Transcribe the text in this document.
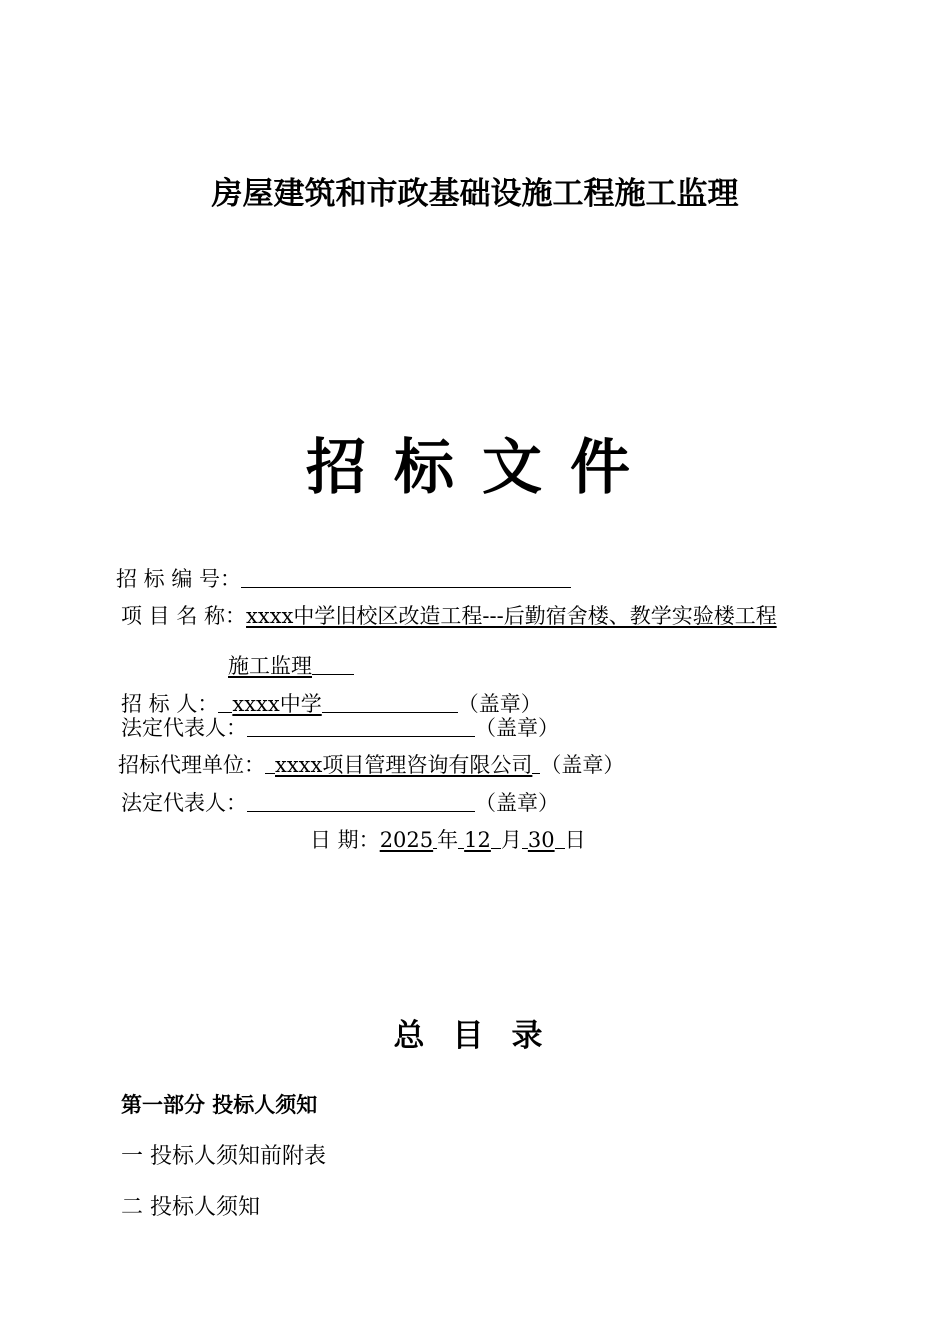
房屋建筑和市政基础设施工程施工监理
招标文件
招 标 编 号：
项 目 名 称：xxxx中学旧校区改造工程---后勤宿舍楼、教学实验楼工程
施工监理
招 标 人： xxxx中学	（盖章）
法定代表人：	（盖章）
招标代理单位： xxxx项目管理咨询有限公司 （盖章）
法定代表人：	（盖章）
日 期：2025 年 12 月 30 日
总目录
第一部分 投标人须知
一 投标人须知前附表
二 投标人须知
